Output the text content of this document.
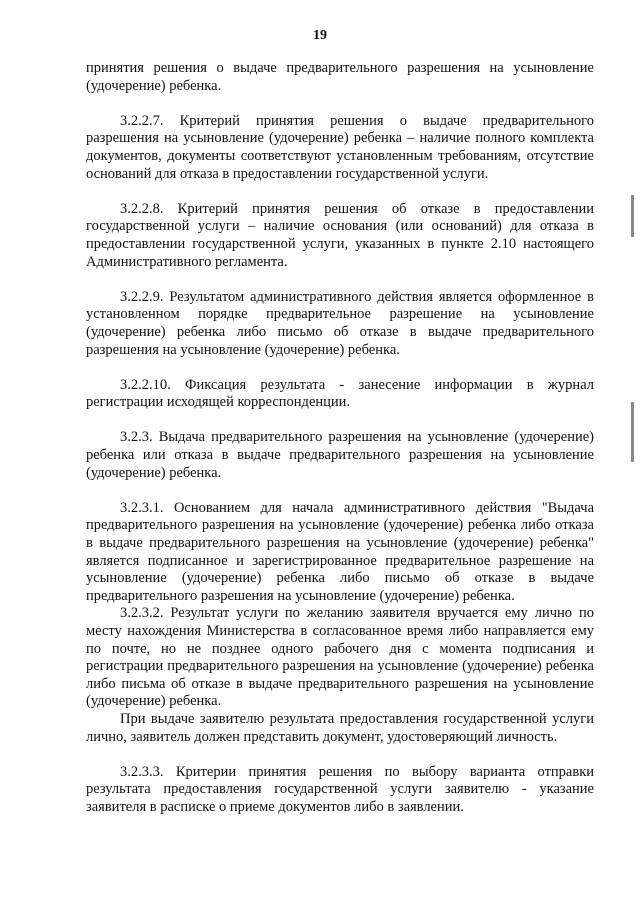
19

принятия решения о выдаче предварительного разрешения на усыновление (удочерение) ребенка.

3.2.2.7. Критерий принятия решения о выдаче предварительного разрешения на усыновление (удочерение) ребенка – наличие полного комплекта документов, документы соответствуют установленным требованиям, отсутствие оснований для отказа в предоставлении государственной услуги.

3.2.2.8. Критерий принятия решения об отказе в предоставлении государственной услуги – наличие основания (или оснований) для отказа в предоставлении государственной услуги, указанных в пункте 2.10 настоящего Административного регламента.

3.2.2.9. Результатом административного действия является оформленное в установленном порядке предварительное разрешение на усыновление (удочерение) ребенка либо письмо об отказе в выдаче предварительного разрешения на усыновление (удочерение) ребенка.

3.2.2.10. Фиксация результата - занесение информации в журнал регистрации исходящей корреспонденции.

3.2.3. Выдача предварительного разрешения на усыновление (удочерение) ребенка или отказа в выдаче предварительного разрешения на усыновление (удочерение) ребенка.

3.2.3.1. Основанием для начала административного действия "Выдача предварительного разрешения на усыновление (удочерение) ребенка либо отказа в выдаче предварительного разрешения на усыновление (удочерение) ребенка" является подписанное и зарегистрированное предварительное разрешение на усыновление (удочерение) ребенка либо письмо об отказе в выдаче предварительного разрешения на усыновление (удочерение) ребенка.

3.2.3.2. Результат услуги по желанию заявителя вручается ему лично по месту нахождения Министерства в согласованное время либо направляется ему по почте, но не позднее одного рабочего дня с момента подписания и регистрации предварительного разрешения на усыновление (удочерение) ребенка либо письма об отказе в выдаче предварительного разрешения на усыновление (удочерение) ребенка.

При выдаче заявителю результата предоставления государственной услуги лично, заявитель должен представить документ, удостоверяющий личность.

3.2.3.3. Критерии принятия решения по выбору варианта отправки результата предоставления государственной услуги заявителю - указание заявителя в расписке о приеме документов либо в заявлении.
